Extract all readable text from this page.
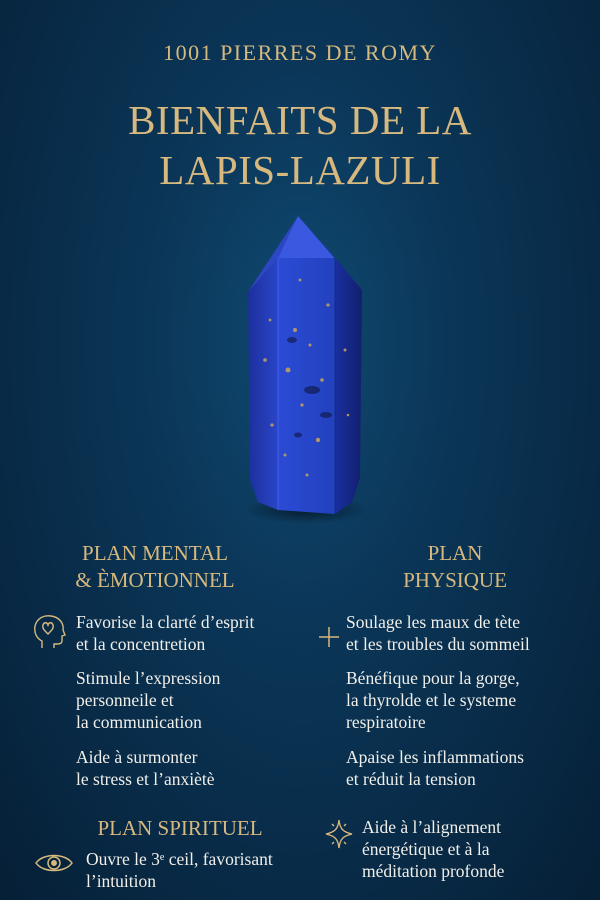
1001 PIERRES DE ROMY
BIENFAITS DE LA
LAPIS-LAZULI
PLAN MENTAL
& ÈMOTIONNEL
Favorise la clarté d’esprit
et la concentretion
Stimule l’expression
personneile et
la communication
Aide à surmonter
le stress et l’anxiètè
PLAN
PHYSIQUE
Soulage les maux de tète
et les troubles du sommeil
Bénéfique pour la gorge,
la thyrolde et le systeme
respiratoire
Apaise les inflammations
et réduit la tension
PLAN SPIRITUEL
Ouvre le 3ᵉ ceil, favorisant
l’intuition
Aide à l’alignement
énergétique et à la
méditation profonde
